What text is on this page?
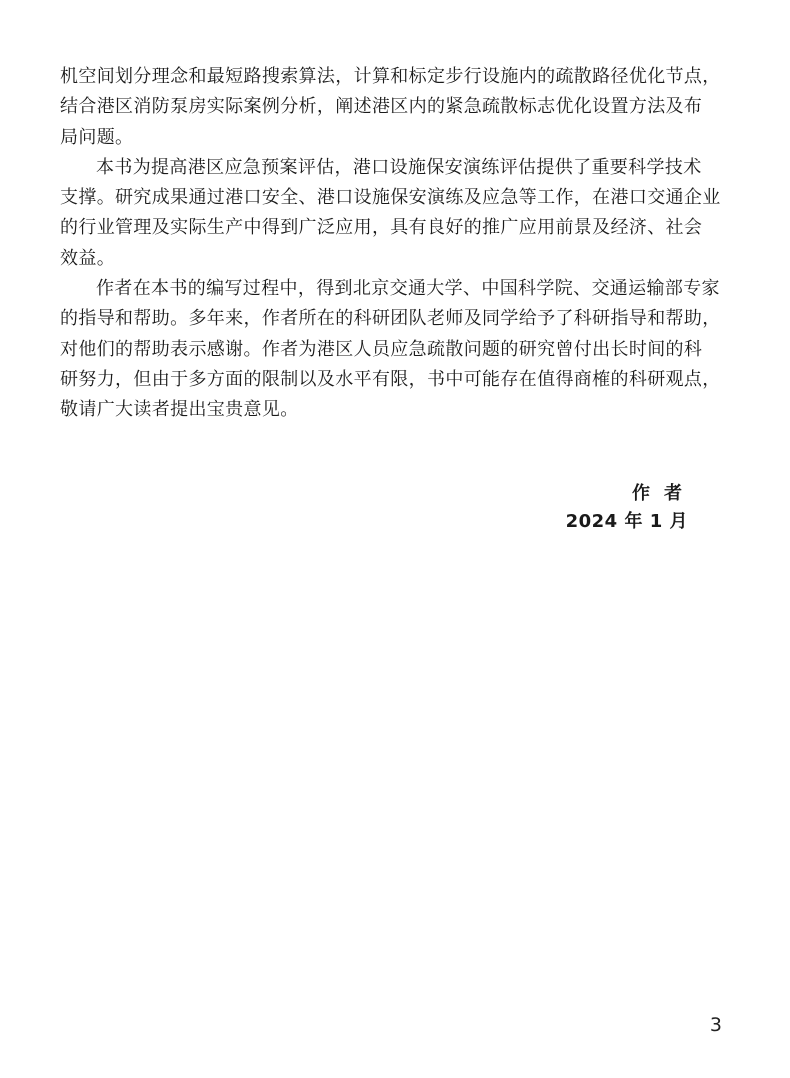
机空间划分理念和最短路搜索算法，计算和标定步行设施内的疏散路径优化节点，
结合港区消防泵房实际案例分析，阐述港区内的紧急疏散标志优化设置方法及布
局问题。
本书为提高港区应急预案评估，港口设施保安演练评估提供了重要科学技术
支撑。研究成果通过港口安全、港口设施保安演练及应急等工作，在港口交通企业
的行业管理及实际生产中得到广泛应用，具有良好的推广应用前景及经济、社会
效益。
作者在本书的编写过程中，得到北京交通大学、中国科学院、交通运输部专家
的指导和帮助。多年来，作者所在的科研团队老师及同学给予了科研指导和帮助，
对他们的帮助表示感谢。作者为港区人员应急疏散问题的研究曾付出长时间的科
研努力，但由于多方面的限制以及水平有限，书中可能存在值得商榷的科研观点，
敬请广大读者提出宝贵意见。
作者
2024 年 1 月
3
